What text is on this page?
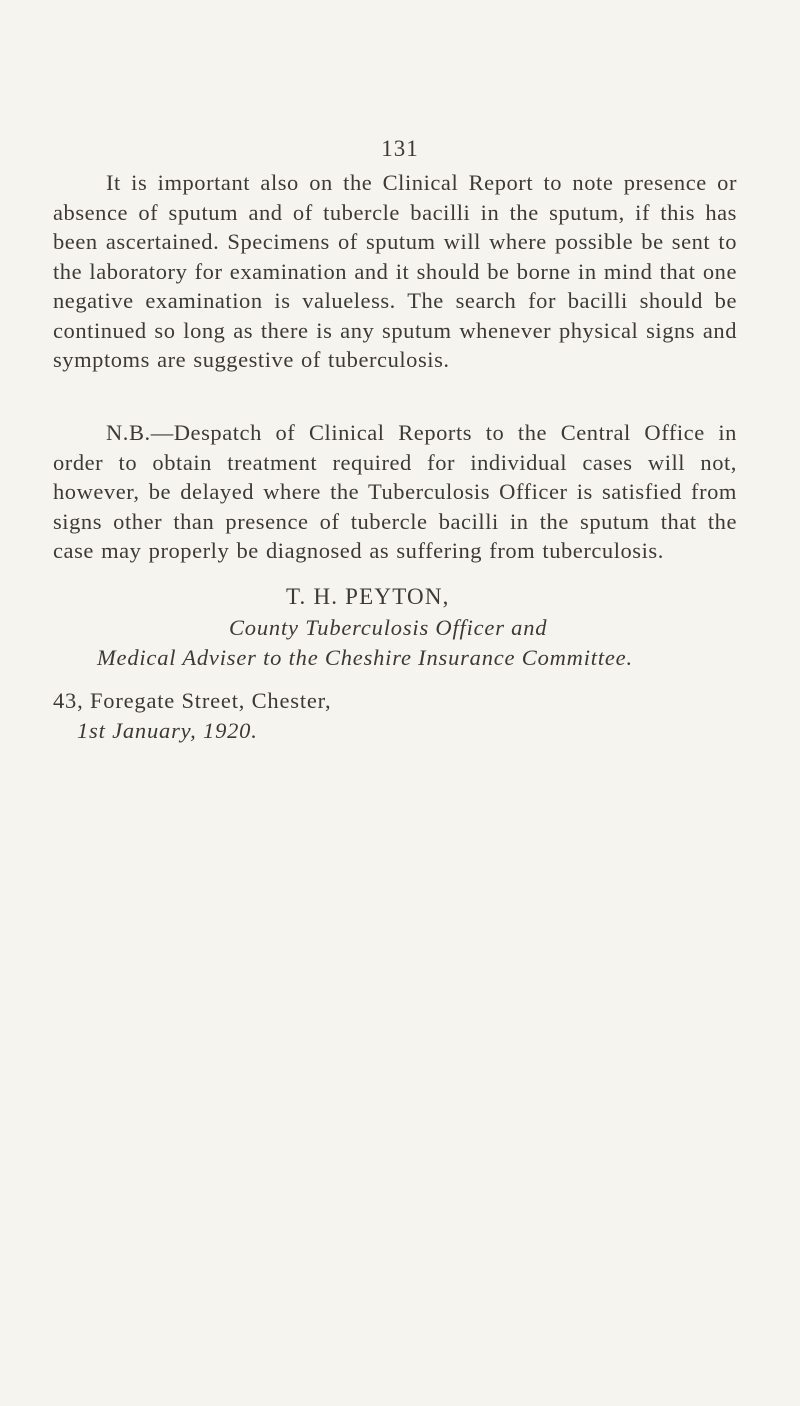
131

It is important also on the Clinical Report to note presence or absence of sputum and of tubercle bacilli in the sputum, if this has been ascertained. Specimens of sputum will where possible be sent to the laboratory for examination and it should be borne in mind that one negative examination is valueless. The search for bacilli should be continued so long as there is any sputum whenever physical signs and symptoms are suggestive of tuberculosis.

N.B.—Despatch of Clinical Reports to the Central Office in order to obtain treatment required for individual cases will not, however, be delayed where the Tuberculosis Officer is satisfied from signs other than presence of tubercle bacilli in the sputum that the case may properly be diagnosed as suffering from tuberculosis.

T. H. PEYTON,
County Tuberculosis Officer and
Medical Adviser to the Cheshire Insurance Committee.
43, Foregate Street, Chester,
1st January, 1920.
